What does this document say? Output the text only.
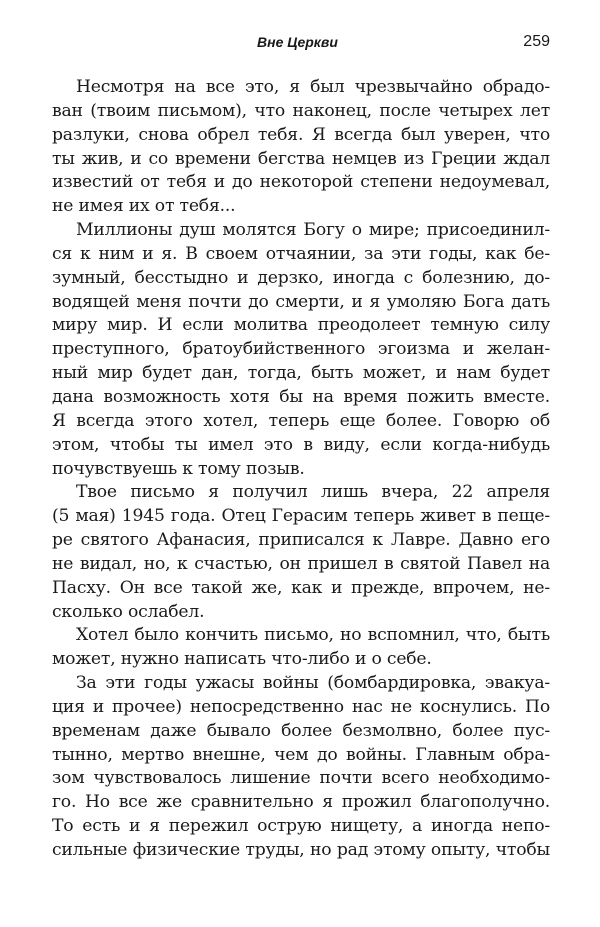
Вне Церкви	259
Несмотря на все это, я был чрезвычайно обрадо-
ван (твоим письмом), что наконец, после четырех лет
разлуки, снова обрел тебя. Я всегда был уверен, что
ты жив, и со времени бегства немцев из Греции ждал
известий от тебя и до некоторой степени недоумевал,
не имея их от тебя...
Миллионы душ молятся Богу о мире; присоединил-
ся к ним и я. В своем отчаянии, за эти годы, как бе-
зумный, бесстыдно и дерзко, иногда с болезнию, до-
водящей меня почти до смерти, и я умоляю Бога дать
миру мир. И если молитва преодолеет темную силу
преступного, братоубийственного эгоизма и желан-
ный мир будет дан, тогда, быть может, и нам будет
дана возможность хотя бы на время пожить вместе.
Я всегда этого хотел, теперь еще более. Говорю об
этом, чтобы ты имел это в виду, если когда-нибудь
почувствуешь к тому позыв.
Твое письмо я получил лишь вчера, 22 апреля
(5 мая) 1945 года. Отец Герасим теперь живет в пеще-
ре святого Афанасия, приписался к Лавре. Давно его
не видал, но, к счастью, он пришел в святой Павел на
Пасху. Он все такой же, как и прежде, впрочем, не-
сколько ослабел.
Хотел было кончить письмо, но вспомнил, что, быть
может, нужно написать что-либо и о себе.
За эти годы ужасы войны (бомбардировка, эвакуа-
ция и прочее) непосредственно нас не коснулись. По
временам даже бывало более безмолвно, более пус-
тынно, мертво внешне, чем до войны. Главным обра-
зом чувствовалось лишение почти всего необходимо-
го. Но все же сравнительно я прожил благополучно.
То есть и я пережил острую нищету, а иногда непо-
сильные физические труды, но рад этому опыту, чтобы
